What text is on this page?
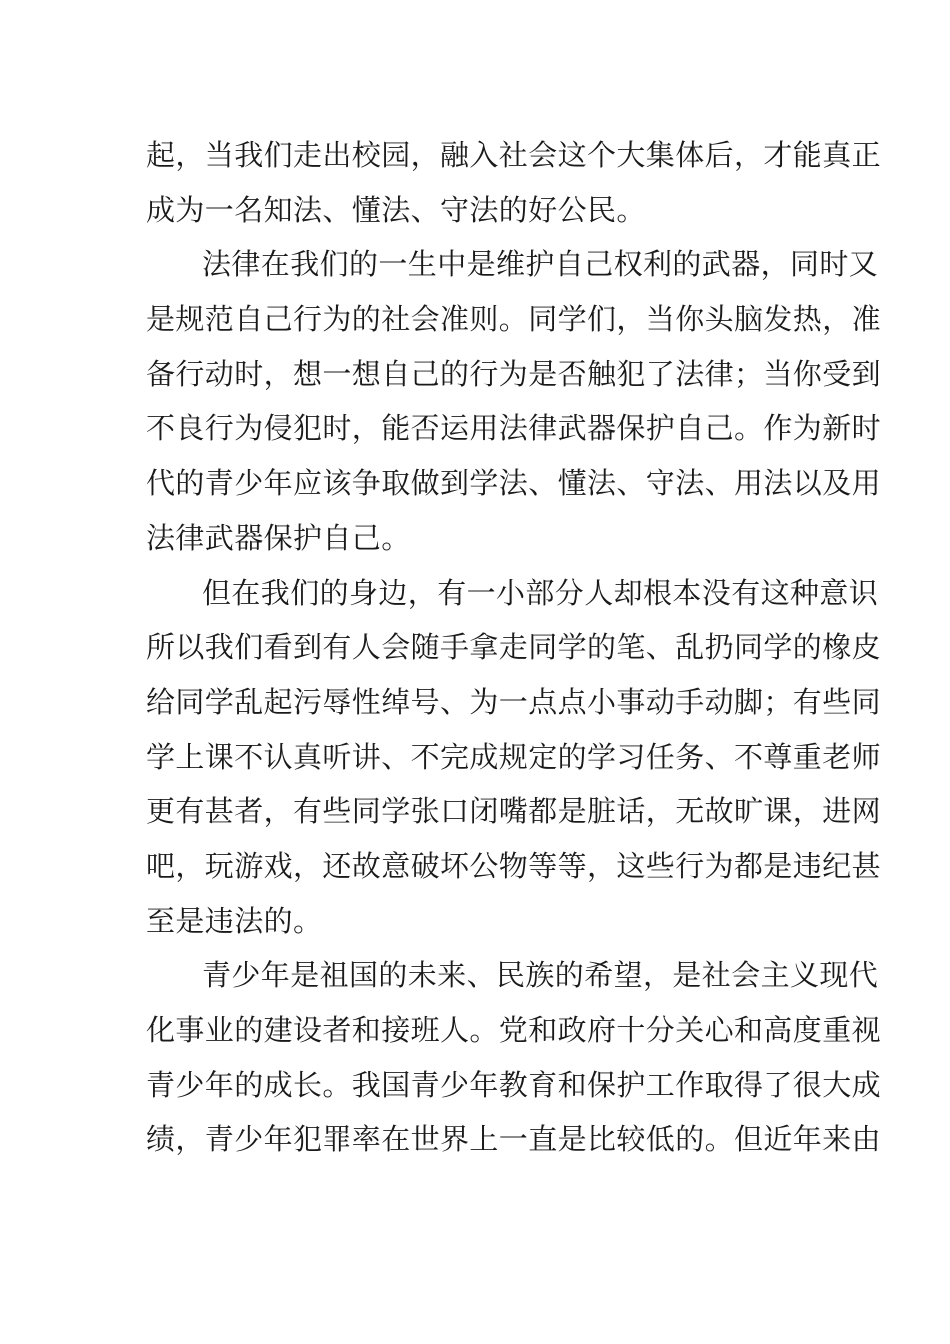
起，当我们走出校园，融入社会这个大集体后，才能真正
成为一名知法、懂法、守法的好公民。
法律在我们的一生中是维护自己权利的武器，同时又
是规范自己行为的社会准则。同学们，当你头脑发热，准
备行动时，想一想自己的行为是否触犯了法律；当你受到
不良行为侵犯时，能否运用法律武器保护自己。作为新时
代的青少年应该争取做到学法、懂法、守法、用法以及用
法律武器保护自己。
但在我们的身边，有一小部分人却根本没有这种意识
所以我们看到有人会随手拿走同学的笔、乱扔同学的橡皮
给同学乱起污辱性绰号、为一点点小事动手动脚；有些同
学上课不认真听讲、不完成规定的学习任务、不尊重老师
更有甚者，有些同学张口闭嘴都是脏话，无故旷课，进网
吧，玩游戏，还故意破坏公物等等，这些行为都是违纪甚
至是违法的。
青少年是祖国的未来、民族的希望，是社会主义现代
化事业的建设者和接班人。党和政府十分关心和高度重视
青少年的成长。我国青少年教育和保护工作取得了很大成
绩，青少年犯罪率在世界上一直是比较低的。但近年来由
